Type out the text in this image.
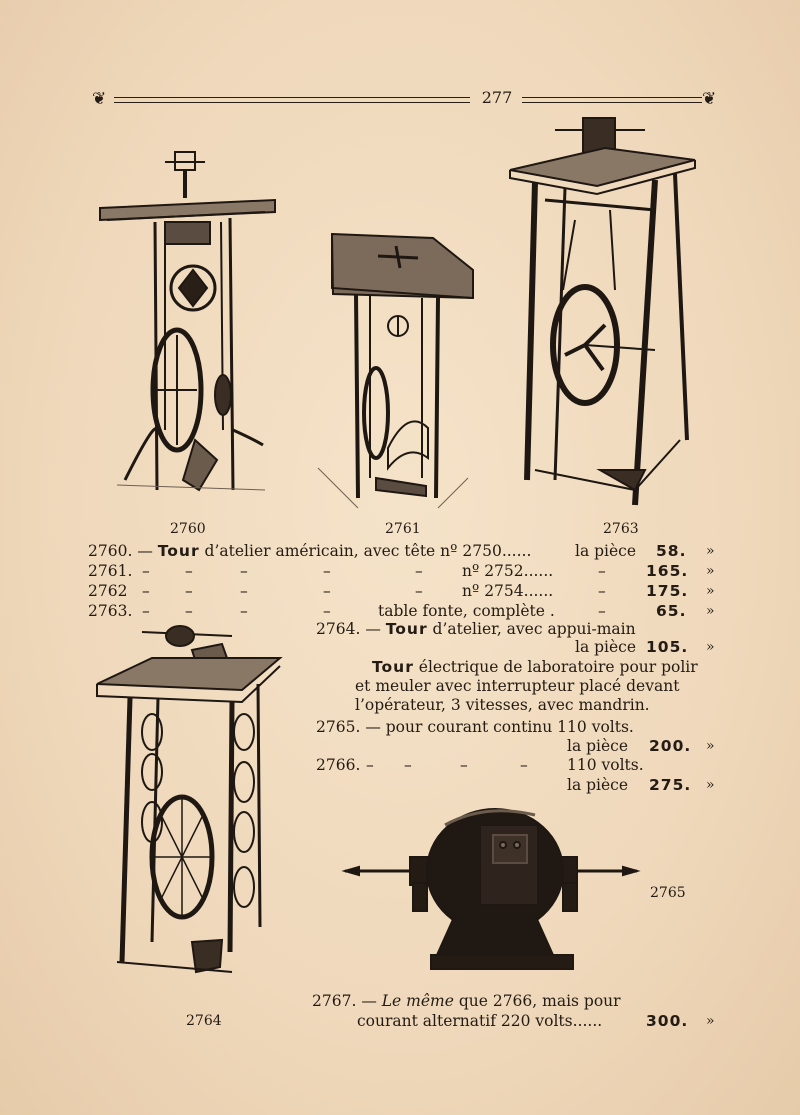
❦	277	❦
2760	2761	2763
2760. — Tour d’atelier américain, avec tête nº 2750......	la pièce 58. »
2761. – –	–	–	–	nº 2752......	–	165. »
2762 – –	–	–	–	nº 2754......	–	175. »
2763. – –	–	–	table fonte, complète .	–	65. »
2764. — Tour d’atelier, avec appui-main
la pièce 105. »
2764
Tour électrique de laboratoire pour polir
et meuler avec interrupteur placé devant
l’opérateur, 3 vitesses, avec mandrin.
2765. — pour courant continu 110 volts.
la pièce 200. »
2766. – –	–	–	110 volts.
la pièce 275. »
2765
2767. — Le même que 2766, mais pour
courant alternatif 220 volts......	300. »
